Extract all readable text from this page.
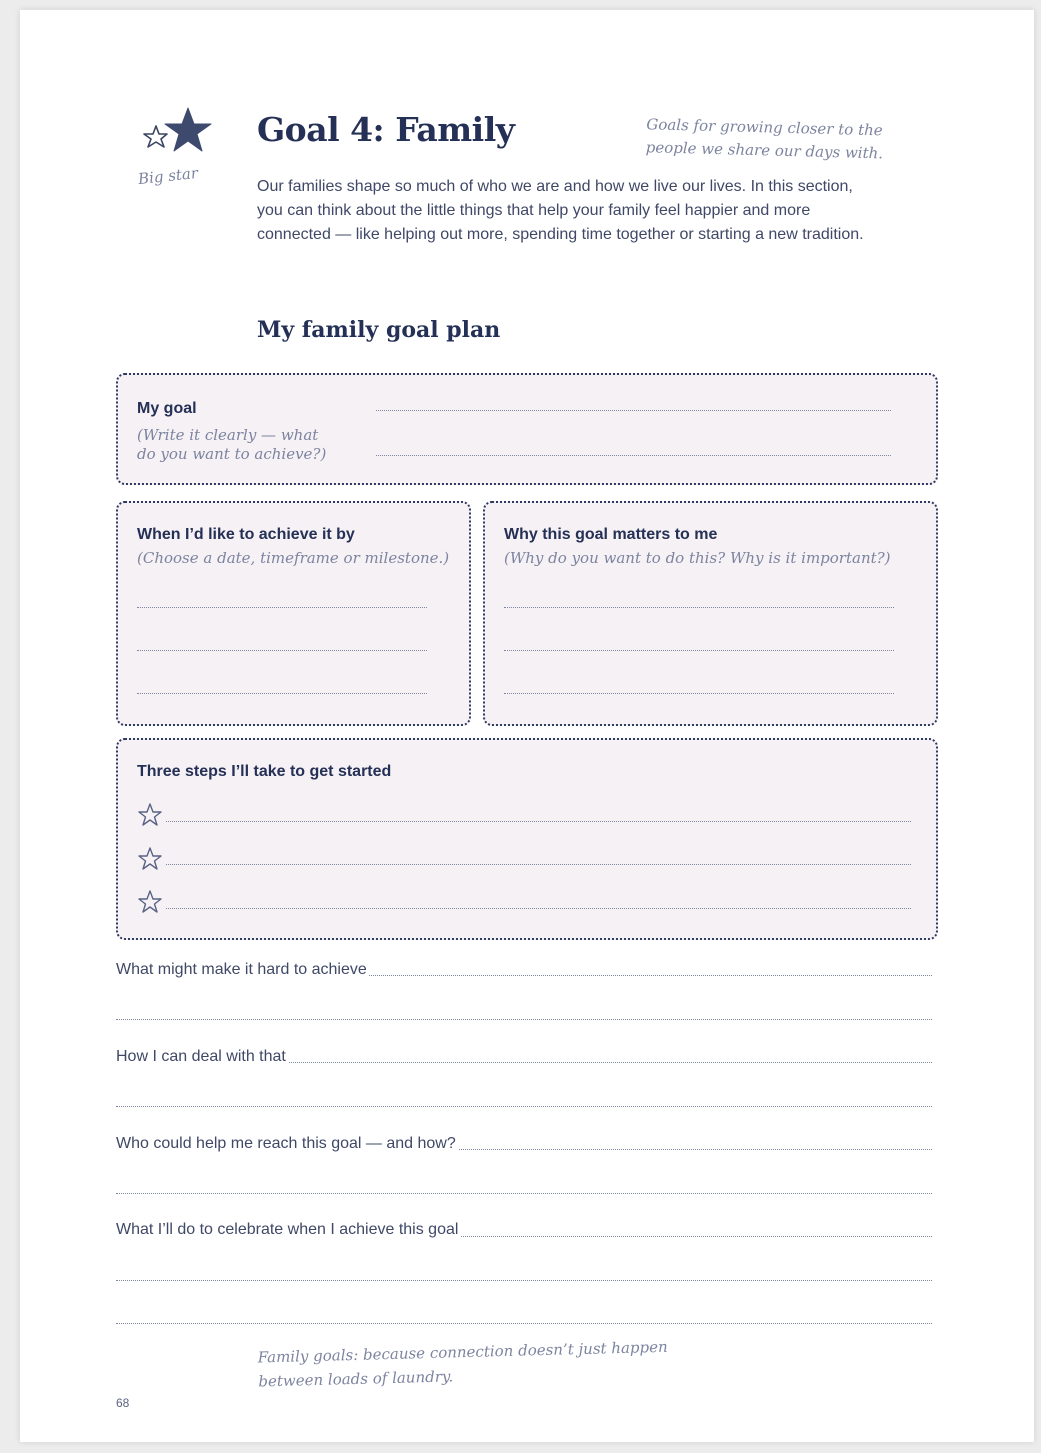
Big star
Goal 4: Family	Goals for growing closer to the people we share our days with.

Our families shape so much of who we are and how we live our lives. In this section, you can think about the little things that help your family feel happier and more connected — like helping out more, spending time together or starting a new tradition.

My family goal plan
My goal
(Write it clearly — what
do you want to achieve?)
When I’d like to achieve it by
(Choose a date, timeframe or milestone.)
Why this goal matters to me
(Why do you want to do this? Why is it important?)
Three steps I’ll take to get started
What might make it hard to achieve
How I can deal with that
Who could help me reach this goal — and how?
What I’ll do to celebrate when I achieve this goal
Family goals: because connection doesn’t just happen between loads of laundry.
68
